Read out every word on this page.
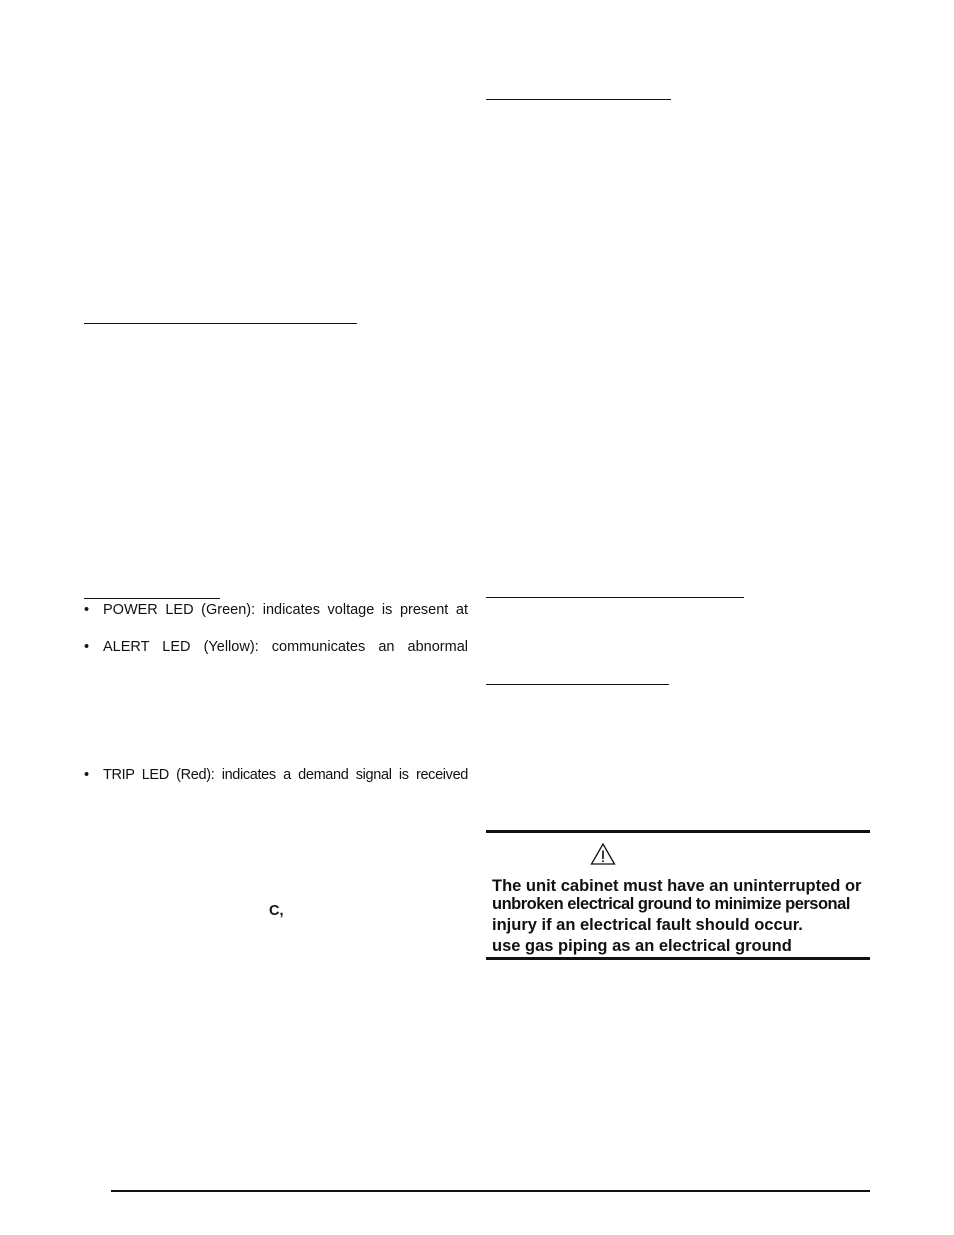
• POWER LED (Green): indicates voltage is present at
• ALERT LED (Yellow): communicates an abnormal
• TRIP LED (Red): indicates a demand signal is received
C,
The unit cabinet must have an uninterrupted or
unbroken electrical ground to minimize personal
injury if an electrical fault should occur.
use gas piping as an electrical ground
